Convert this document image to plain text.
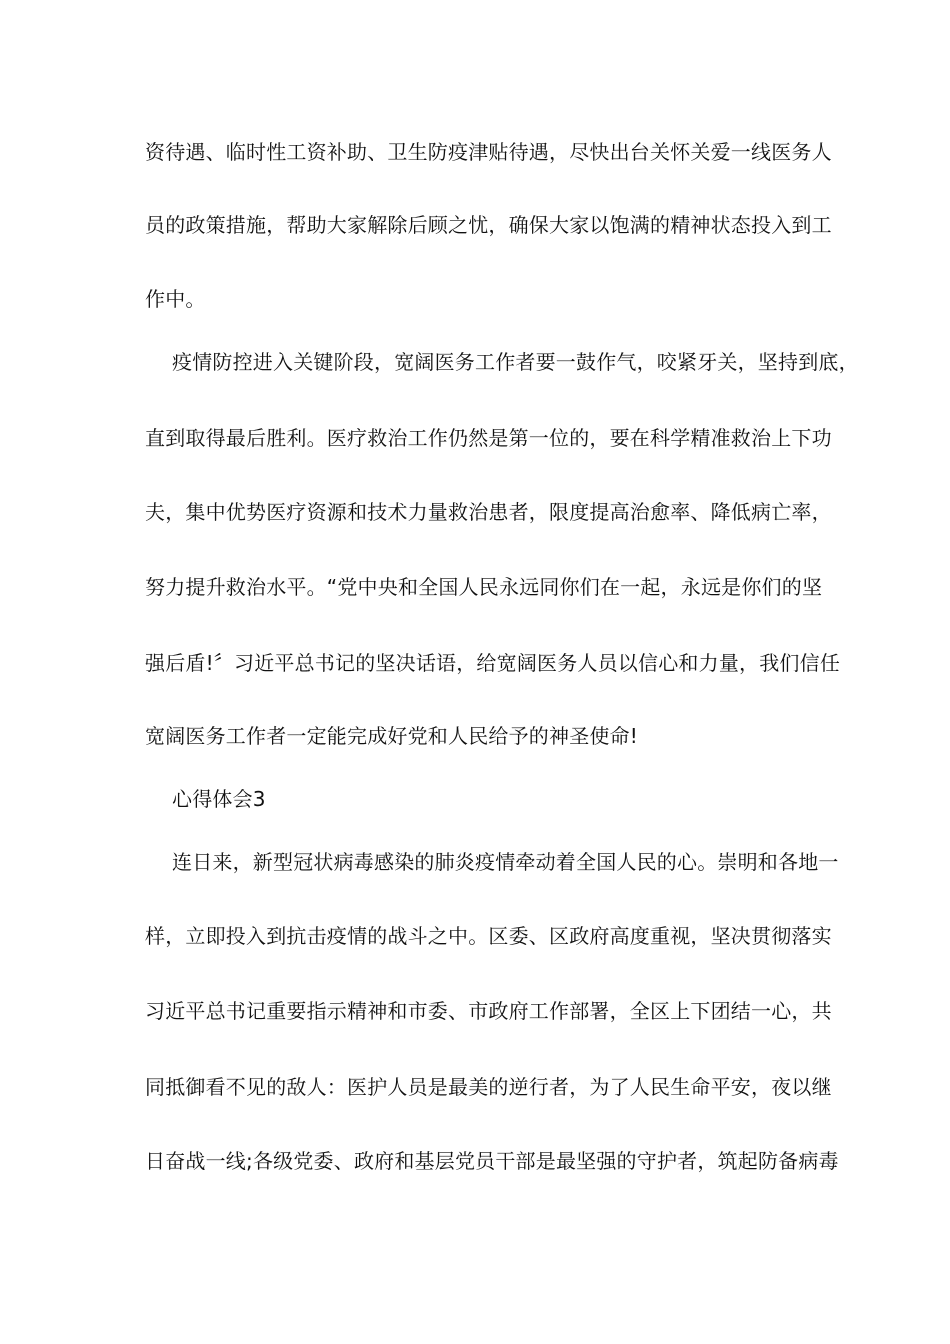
资待遇、临时性工资补助、卫生防疫津贴待遇，尽快出台关怀关爱一线医务人
员的政策措施，帮助大家解除后顾之忧，确保大家以饱满的精神状态投入到工
作中。
疫情防控进入关键阶段，宽阔医务工作者要一鼓作气，咬紧牙关，坚持到底，
直到取得最后胜利。医疗救治工作仍然是第一位的，要在科学精准救治上下功
夫，集中优势医疗资源和技术力量救治患者，限度提高治愈率、降低病亡率，
努力提升救治水平。“党中央和全国人民永远同你们在一起，永远是你们的坚
强后盾!〞习近平总书记的坚决话语，给宽阔医务人员以信心和力量，我们信任
宽阔医务工作者一定能完成好党和人民给予的神圣使命!
心得体会3
连日来，新型冠状病毒感染的肺炎疫情牵动着全国人民的心。崇明和各地一
样，立即投入到抗击疫情的战斗之中。区委、区政府高度重视，坚决贯彻落实
习近平总书记重要指示精神和市委、市政府工作部署，全区上下团结一心，共
同抵御看不见的敌人：医护人员是最美的逆行者，为了人民生命平安，夜以继
日奋战一线;各级党委、政府和基层党员干部是最坚强的守护者，筑起防备病毒
